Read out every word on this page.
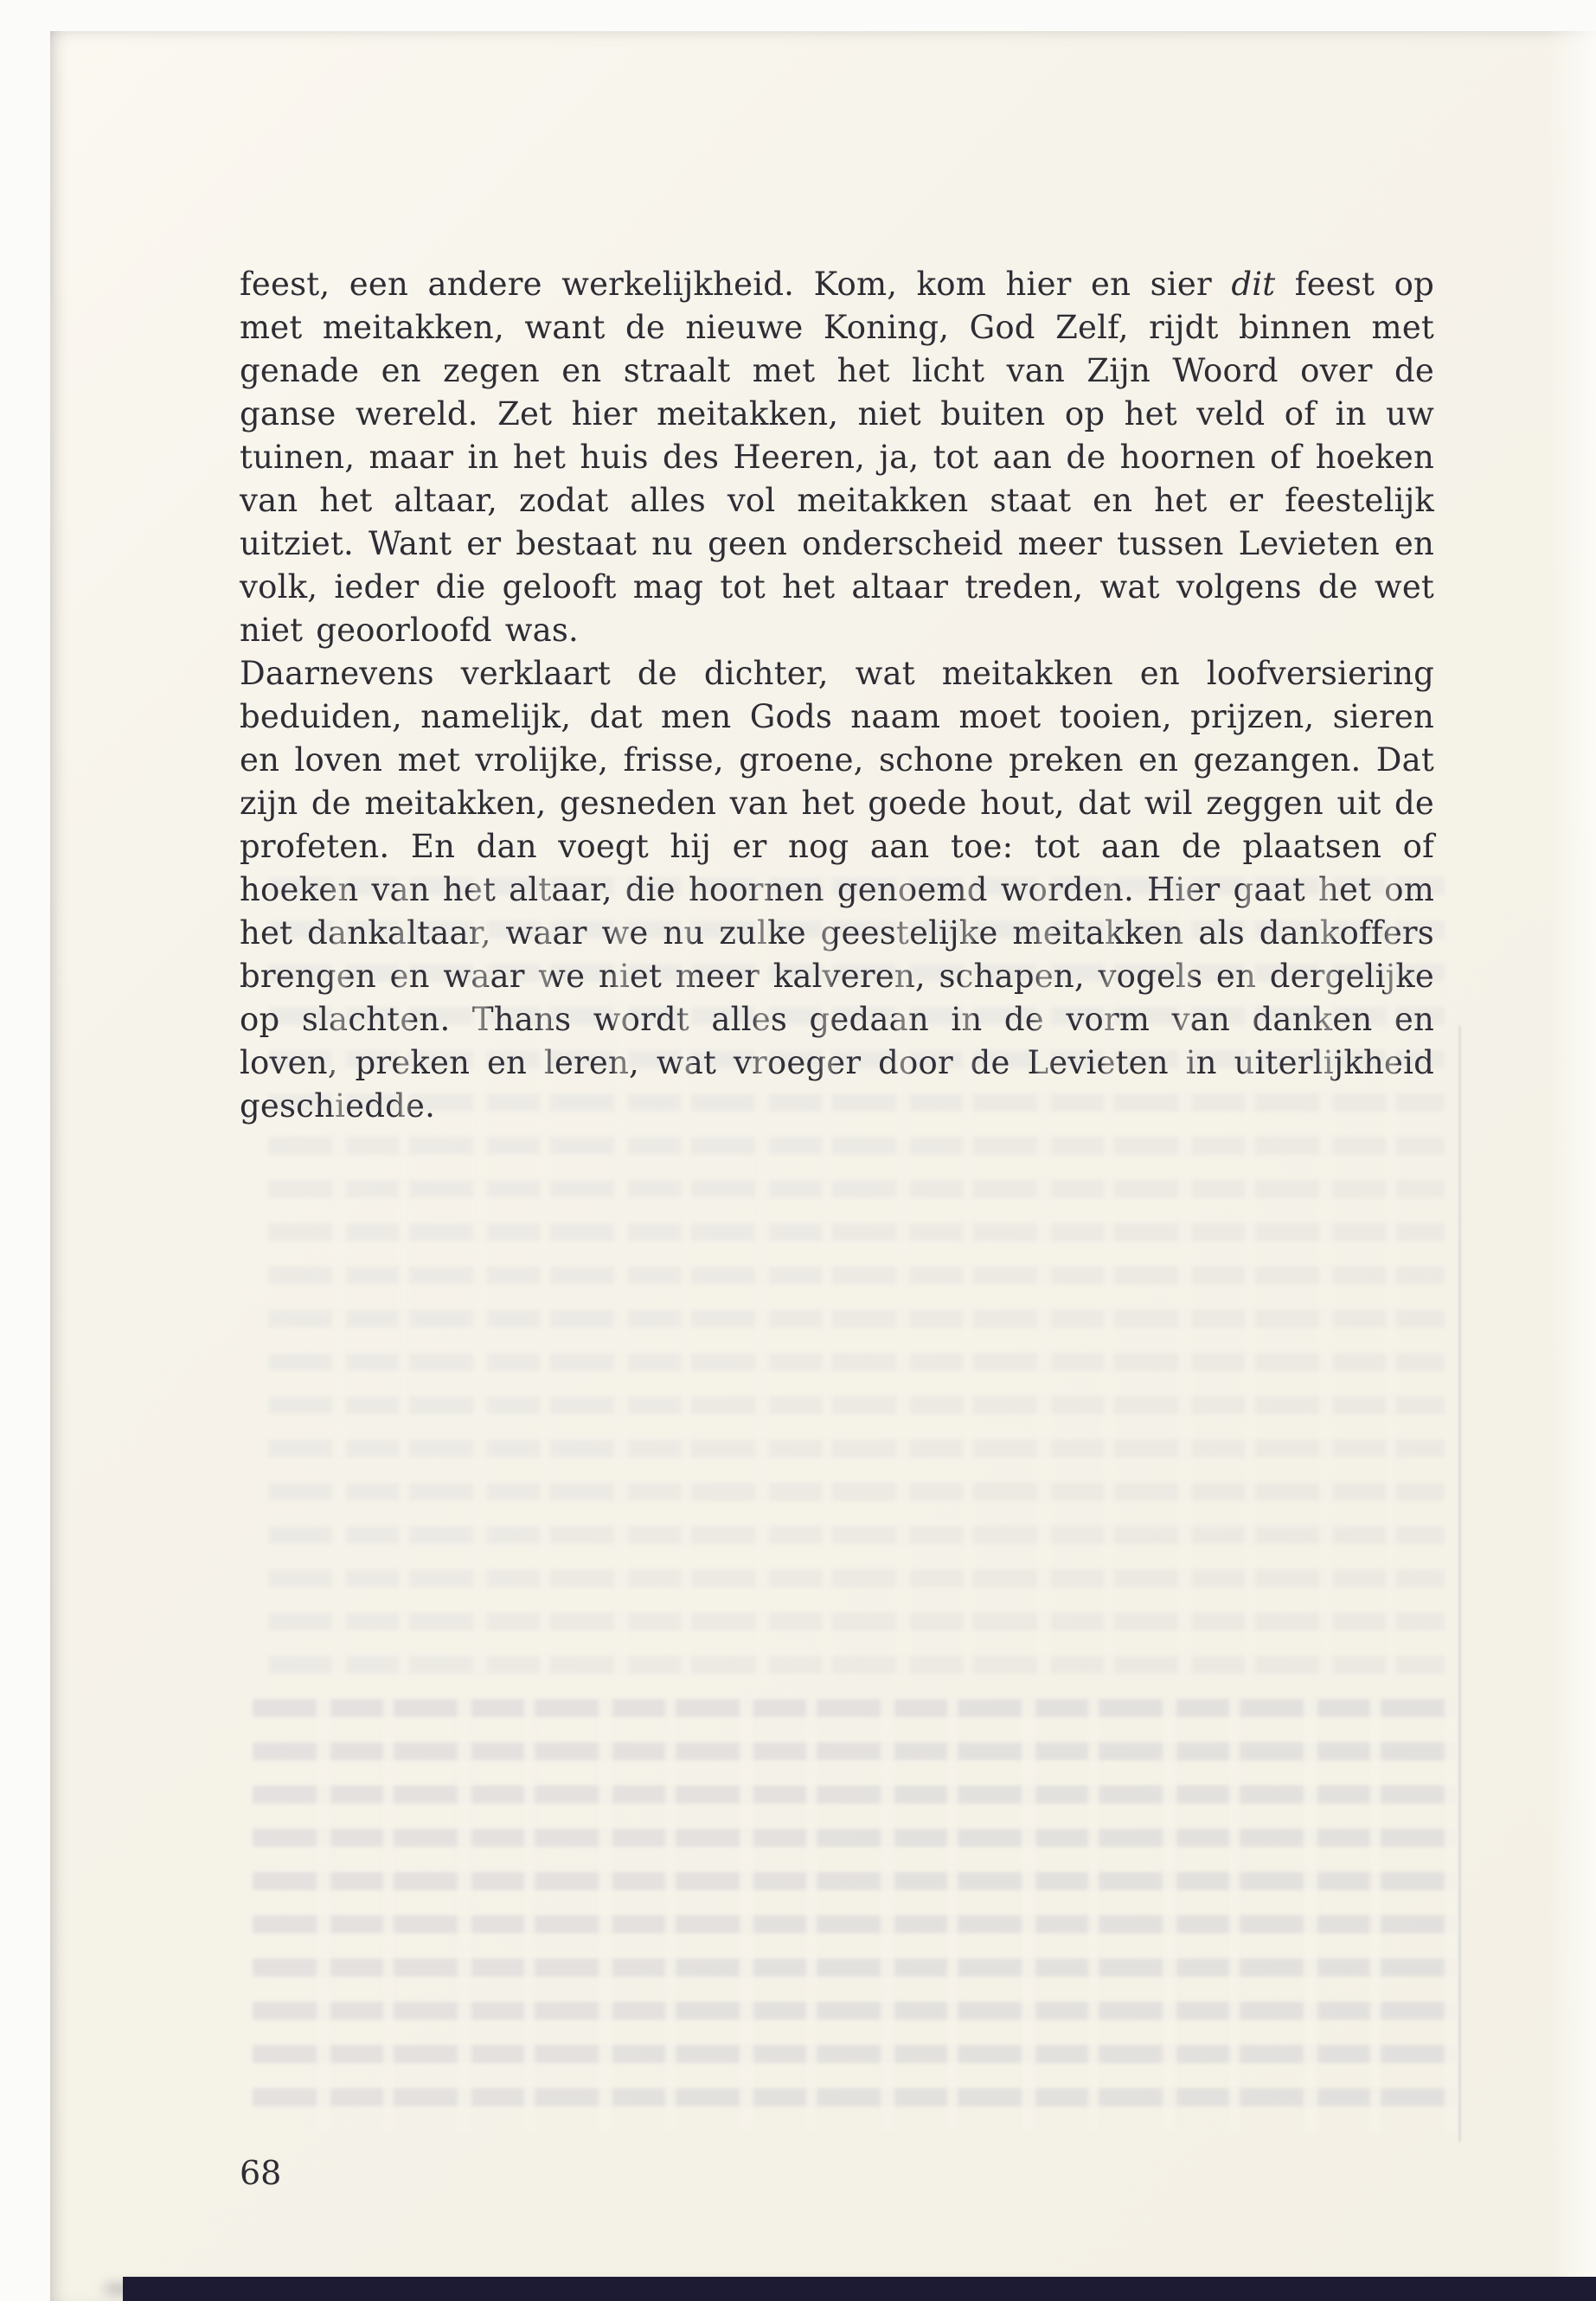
feest, een andere werkelijkheid. Kom, kom hier en sier dit feest op met meitakken, want de nieuwe Koning, God Zelf, rijdt binnen met genade en zegen en straalt met het licht van Zijn Woord over de ganse wereld. Zet hier meitakken, niet buiten op het veld of in uw tuinen, maar in het huis des Heeren, ja, tot aan de hoornen of hoeken van het altaar, zodat alles vol meitakken staat en het er feestelijk uitziet. Want er bestaat nu geen onderscheid meer tussen Levieten en volk, ieder die gelooft mag tot het altaar treden, wat volgens de wet niet geoorloofd was.

Daarnevens verklaart de dichter, wat meitakken en loofversiering beduiden, namelijk, dat men Gods naam moet tooien, prijzen, sieren en loven met vrolijke, frisse, groene, schone preken en gezangen. Dat zijn de meitakken, gesneden van het goede hout, dat wil zeggen uit de profeten. En dan voegt hij er nog aan toe: tot aan de plaatsen of hoeken van het altaar, die hoornen genoemd worden. Hier gaat het om het dankaltaar, waar we nu zulke geestelijke meitakken als dankoffers brengen en waar we niet meer kalveren, schapen, vogels en dergelijke op slachten. Thans wordt alles gedaan in de vorm van danken en loven, preken en leren, wat vroeger door de Levieten in uiterlijkheid geschiedde.

68
